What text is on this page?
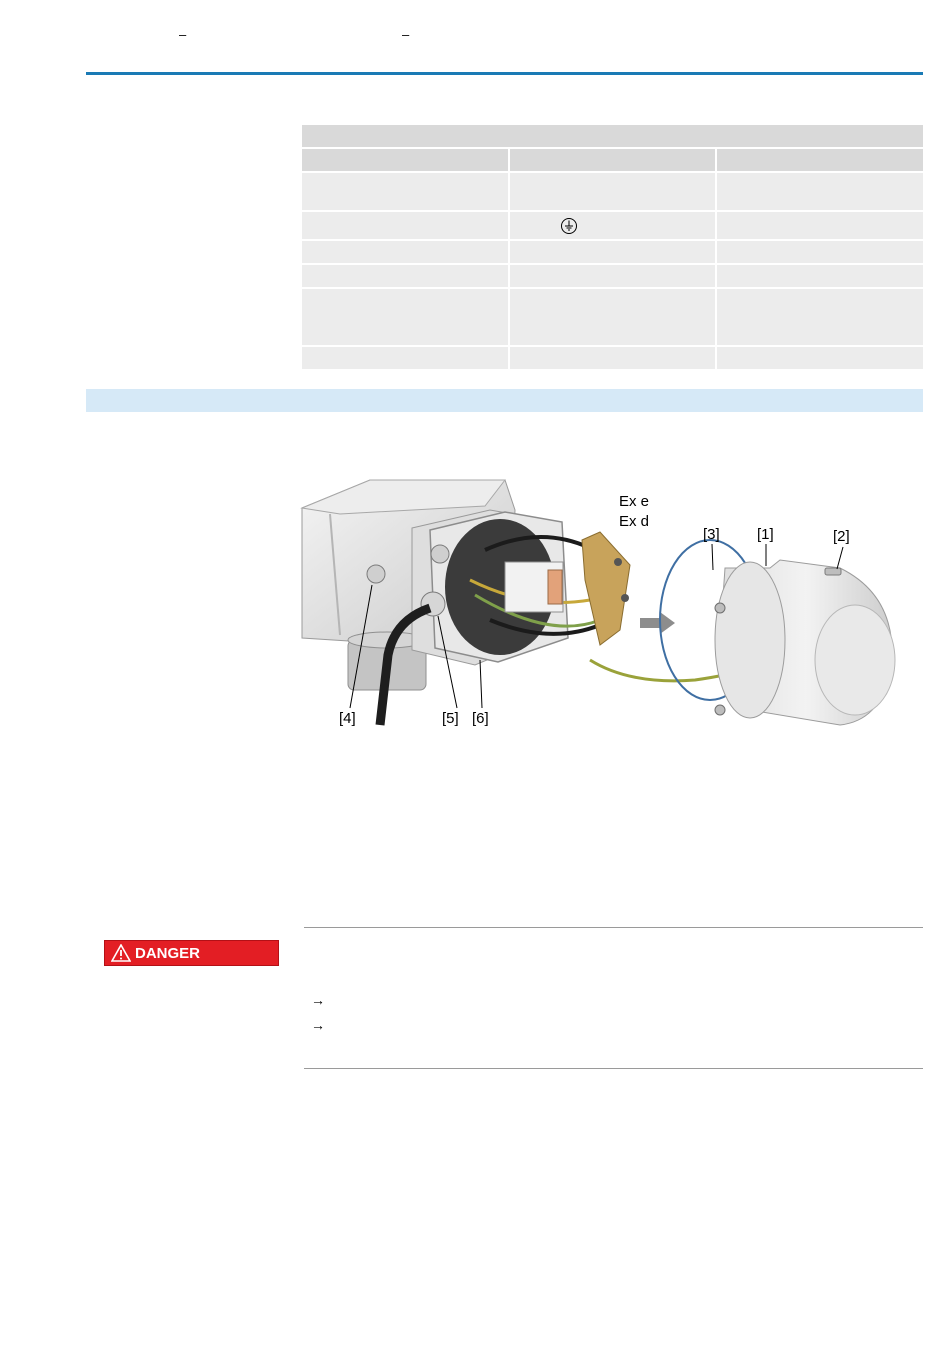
–	–

Ex e
Ex d
[3] [1]	[2]
[4]	[5] [6]
DANGER
→
→
